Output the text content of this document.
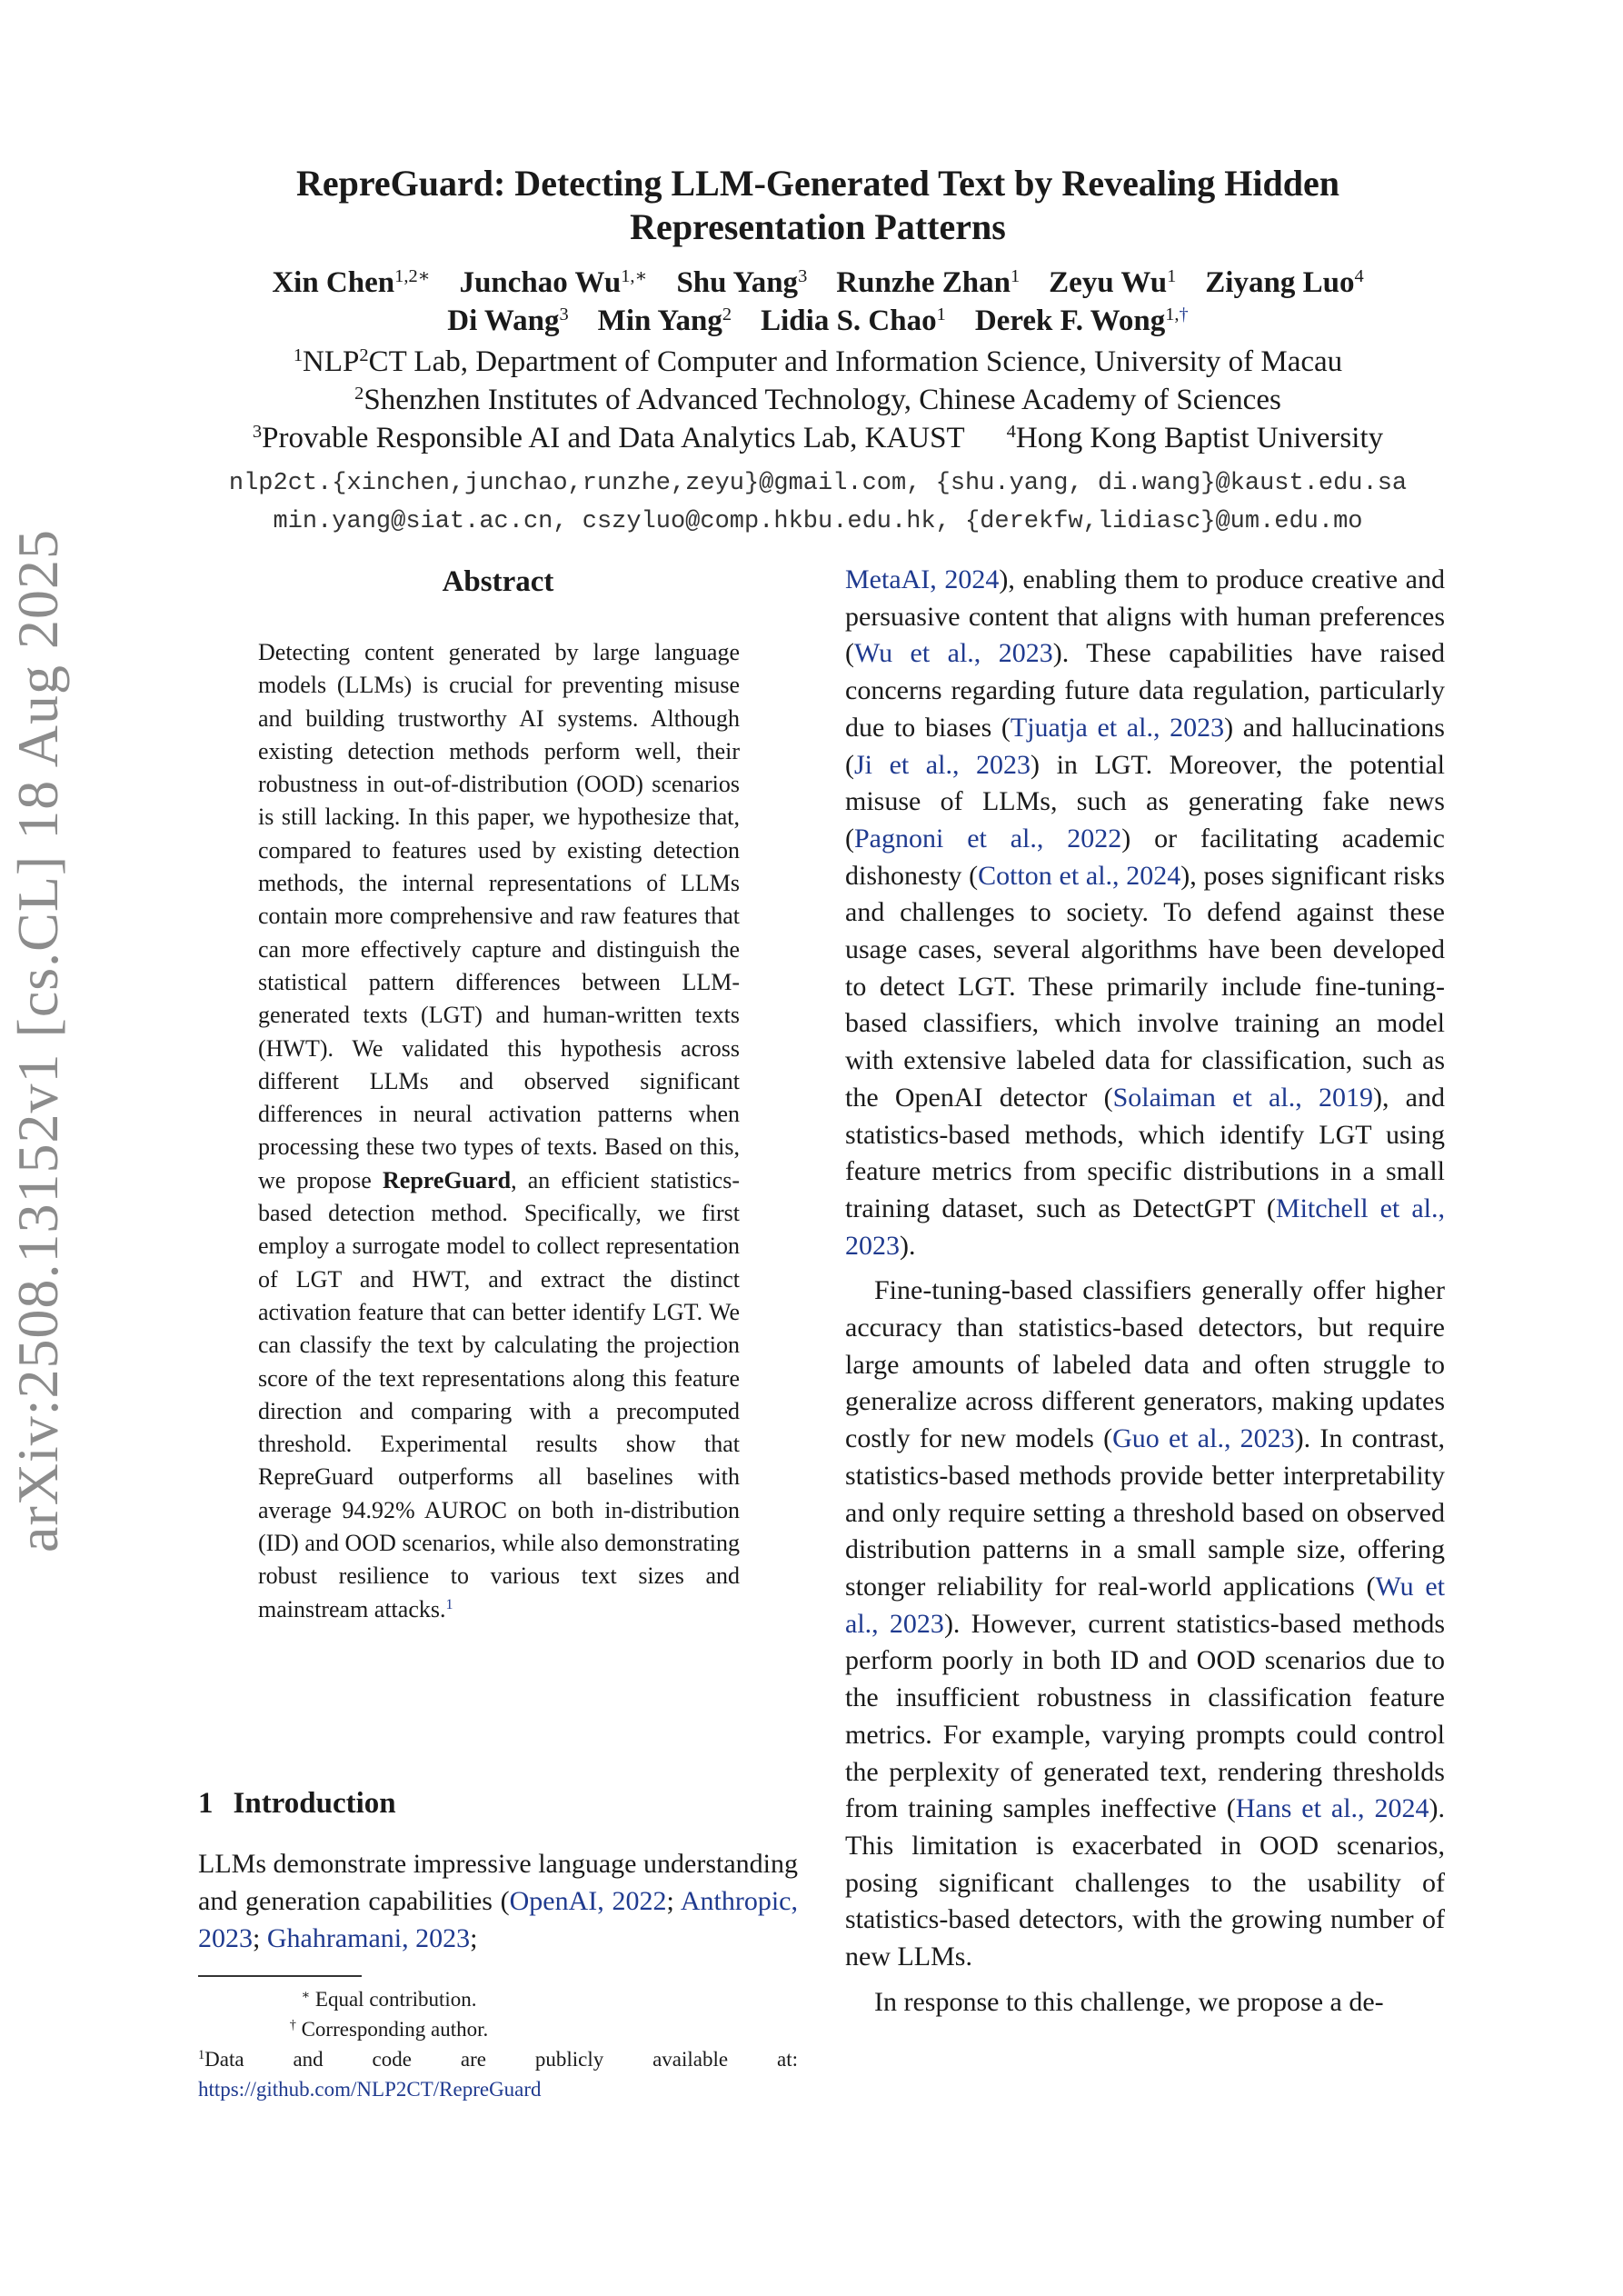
arXiv:2508.13152v1 [cs.CL] 18 Aug 2025
RepreGuard: Detecting LLM-Generated Text by Revealing Hidden
Representation Patterns
Xin Chen$^{1,2∗}$ Junchao $Wu^{1,∗}$ Shu Yang$^3$ Runzhe Zhan$^1$ Zeyu Wu$^1$ Ziyang Luo$^4$
Di Wang$^3$ Min Yang$^2$ Lidia S. Chao$^1$ Derek F. Wong$^{1,\dagger}$
$^1$NLP$^2$CT Lab, Department of Computer and Information Science, University of Macau
$^2$Shenzhen Institutes of Advanced Technology, Chinese Academy of Sciences
$^3$Provable Responsible AI and Data Analytics Lab, KAUST $^4$Hong Kong Baptist University
nlp2ct.{xinchen,junchao,runzhe,zeyu}@gmail.com, {shu.yang, di.wang}@kaust.edu.sa
min.yang@siat.ac.cn, cszyluo@comp.hkbu.edu.hk, {derekfw,lidiasc}@um.edu.mo
Abstract
Detecting content generated by large language models (LLMs) is crucial for preventing misuse and building trustworthy AI systems. Although existing detection methods perform well, their robustness in out-of-distribution (OOD) scenarios is still lacking. In this paper, we hypothesize that, compared to features used by existing detection methods, the internal representations of LLMs contain more comprehensive and raw features that can more effectively capture and distinguish the statistical pattern differences between LLM-generated texts (LGT) and human-written texts (HWT). We validated this hypothesis across different LLMs and observed significant differences in neural activation patterns when processing these two types of texts. Based on this, we propose RepreGuard, an efficient statistics-based detection method. Specifically, we first employ a surrogate model to collect representation of LGT and HWT, and extract the distinct activation feature that can better identify LGT. We can classify the text by calculating the projection score of the text representations along this feature direction and comparing with a precomputed threshold. Experimental results show that RepreGuard outperforms all baselines with average 94.92% AUROC on both in-distribution (ID) and OOD scenarios, while also demonstrating robust resilience to various text sizes and mainstream attacks.$^1$
1 Introduction
LLMs demonstrate impressive language understanding and generation capabilities (OpenAI, 2022; Anthropic, 2023; Ghahramani, 2023;
∗ Equal contribution.
† Corresponding author.
$^1$Data and code are publicly available at:
https://github.com/NLP2CT/RepreGuard

MetaAI, 2024), enabling them to produce creative and persuasive content that aligns with human preferences (Wu et al., 2023). These capabilities have raised concerns regarding future data regulation, particularly due to biases (Tjuatja et al., 2023) and hallucinations (Ji et al., 2023) in LGT. Moreover, the potential misuse of LLMs, such as generating fake news (Pagnoni et al., 2022) or facilitating academic dishonesty (Cotton et al., 2024), poses significant risks and challenges to society. To defend against these usage cases, several algorithms have been developed to detect LGT. These primarily include fine-tuning-based classifiers, which involve training an model with extensive labeled data for classification, such as the OpenAI detector (Solaiman et al., 2019), and statistics-based methods, which identify LGT using feature metrics from specific distributions in a small training dataset, such as DetectGPT (Mitchell et al., 2023).

Fine-tuning-based classifiers generally offer higher accuracy than statistics-based detectors, but require large amounts of labeled data and often struggle to generalize across different generators, making updates costly for new models (Guo et al., 2023). In contrast, statistics-based methods provide better interpretability and only require setting a threshold based on observed distribution patterns in a small sample size, offering stonger reliability for real-world applications (Wu et al., 2023). However, current statistics-based methods perform poorly in both ID and OOD scenarios due to the insufficient robustness in classification feature metrics. For example, varying prompts could control the perplexity of generated text, rendering thresholds from training samples ineffective (Hans et al., 2024). This limitation is exacerbated in OOD scenarios, posing significant challenges to the usability of statistics-based detectors, with the growing number of new LLMs.

In response to this challenge, we propose a de-
